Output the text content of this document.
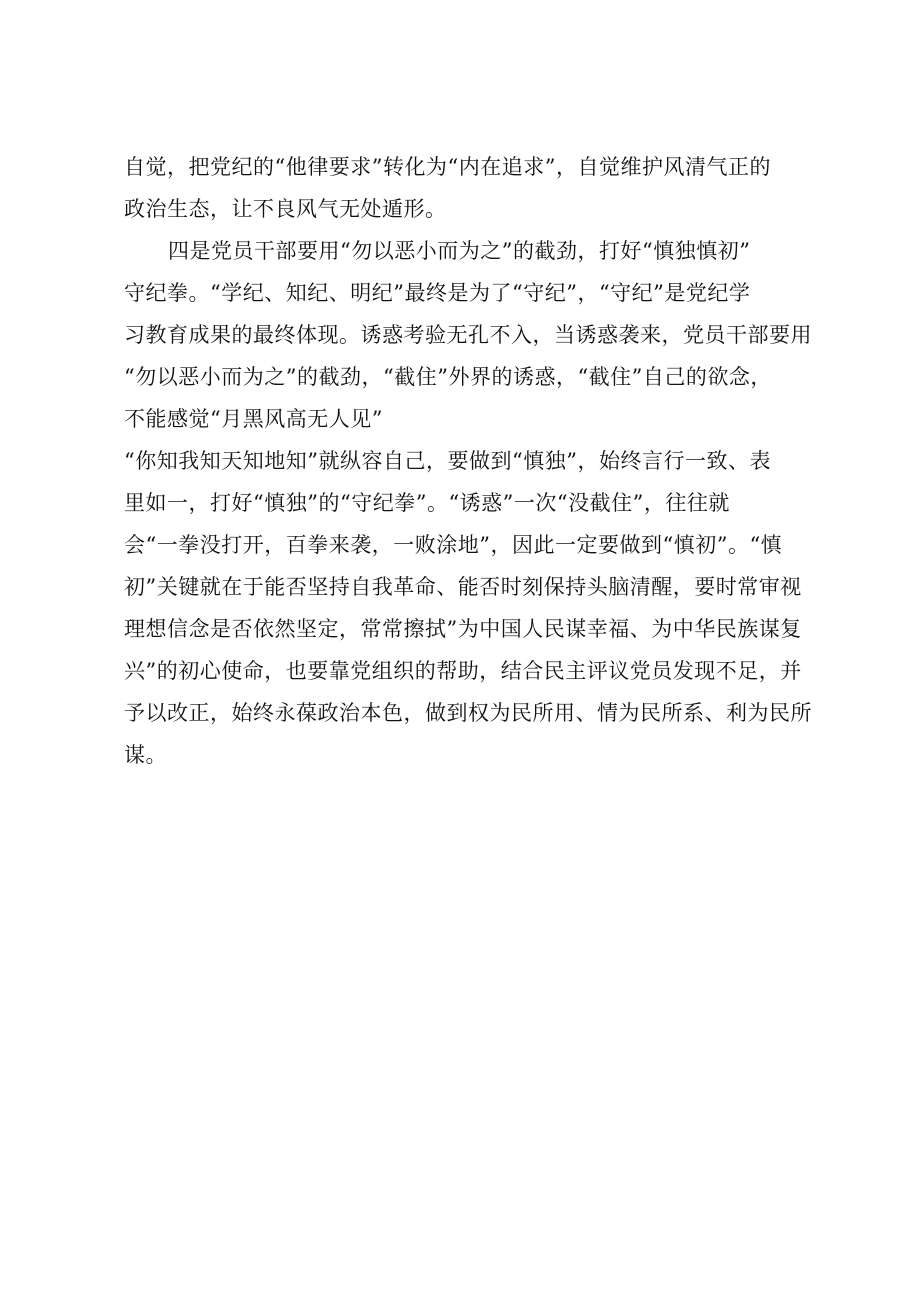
自觉，把党纪的“他律要求”转化为“内在追求”，自觉维护风清气正的
政治生态，让不良风气无处遁形。
四是党员干部要用“勿以恶小而为之”的截劲，打好“慎独慎初”
守纪拳。“学纪、知纪、明纪”最终是为了“守纪”，“守纪”是党纪学
习教育成果的最终体现。诱惑考验无孔不入，当诱惑袭来，党员干部要用
“勿以恶小而为之”的截劲，“截住”外界的诱惑，“截住”自己的欲念，
不能感觉“月黑风高无人见”
“你知我知天知地知”就纵容自己，要做到“慎独”，始终言行一致、表
里如一，打好“慎独”的“守纪拳”。“诱惑”一次“没截住”，往往就
会“一拳没打开，百拳来袭，一败涂地”，因此一定要做到“慎初”。“慎
初”关键就在于能否坚持自我革命、能否时刻保持头脑清醒，要时常审视
理想信念是否依然坚定，常常擦拭”为中国人民谋幸福、为中华民族谋复
兴”的初心使命，也要靠党组织的帮助，结合民主评议党员发现不足，并
予以改正，始终永葆政治本色，做到权为民所用、情为民所系、利为民所
谋。
